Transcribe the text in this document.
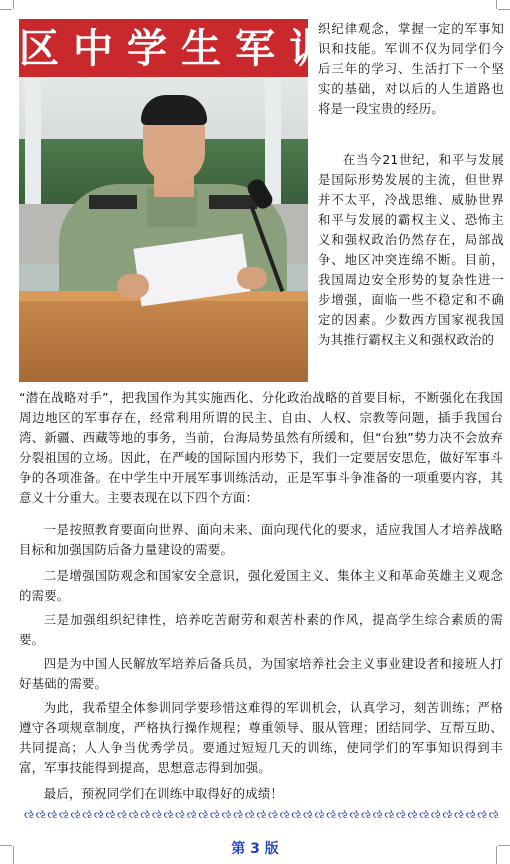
区中学生军训

织纪律观念，掌握一定的军事知识和技能。军训不仅为同学们今后三年的学习、生活打下一个坚实的基础，对以后的人生道路也将是一段宝贵的经历。

在当今21世纪，和平与发展是国际形势发展的主流，但世界并不太平，冷战思维、威胁世界和平与发展的霸权主义、恐怖主义和强权政治仍然存在，局部战争、地区冲突连绵不断。目前，我国周边安全形势的复杂性进一步增强，面临一些不稳定和不确定的因素。少数西方国家视我国为其推行霸权主义和强权政治的

“潜在战略对手”，把我国作为其实施西化、分化政治战略的首要目标，不断强化在我国周边地区的军事存在，经常利用所谓的民主、自由、人权、宗教等问题，插手我国台湾、新疆、西藏等地的事务，当前，台海局势虽然有所缓和，但“台独”势力决不会放弃分裂祖国的立场。因此，在严峻的国际国内形势下，我们一定要居安思危，做好军事斗争的各项准备。在中学生中开展军事训练活动，正是军事斗争准备的一项重要内容，其意义十分重大。主要表现在以下四个方面：

一是按照教育要面向世界、面向未来、面向现代化的要求，适应我国人才培养战略目标和加强国防后备力量建设的需要。

二是增强国防观念和国家安全意识，强化爱国主义、集体主义和革命英雄主义观念的需要。

三是加强组织纪律性，培养吃苦耐劳和艰苦朴素的作风，提高学生综合素质的需要。

四是为中国人民解放军培养后备兵员，为国家培养社会主义事业建设者和接班人打好基础的需要。

为此，我希望全体参训同学要珍惜这难得的军训机会，认真学习，刻苦训练；严格遵守各项规章制度，严格执行操作规程；尊重领导、服从管理；团结同学、互帮互助、共同提高；人人争当优秀学员。要通过短短几天的训练，使同学们的军事知识得到丰富，军事技能得到提高，思想意志得到加强。

最后，预祝同学们在训练中取得好的成绩！

ઌઌઌઌઌઌઌઌઌઌઌઌઌઌઌઌઌઌઌઌઌઌઌઌઌઌઌઌઌઌઌઌઌઌઌઌઌઌઌઌઌ
第 3 版
